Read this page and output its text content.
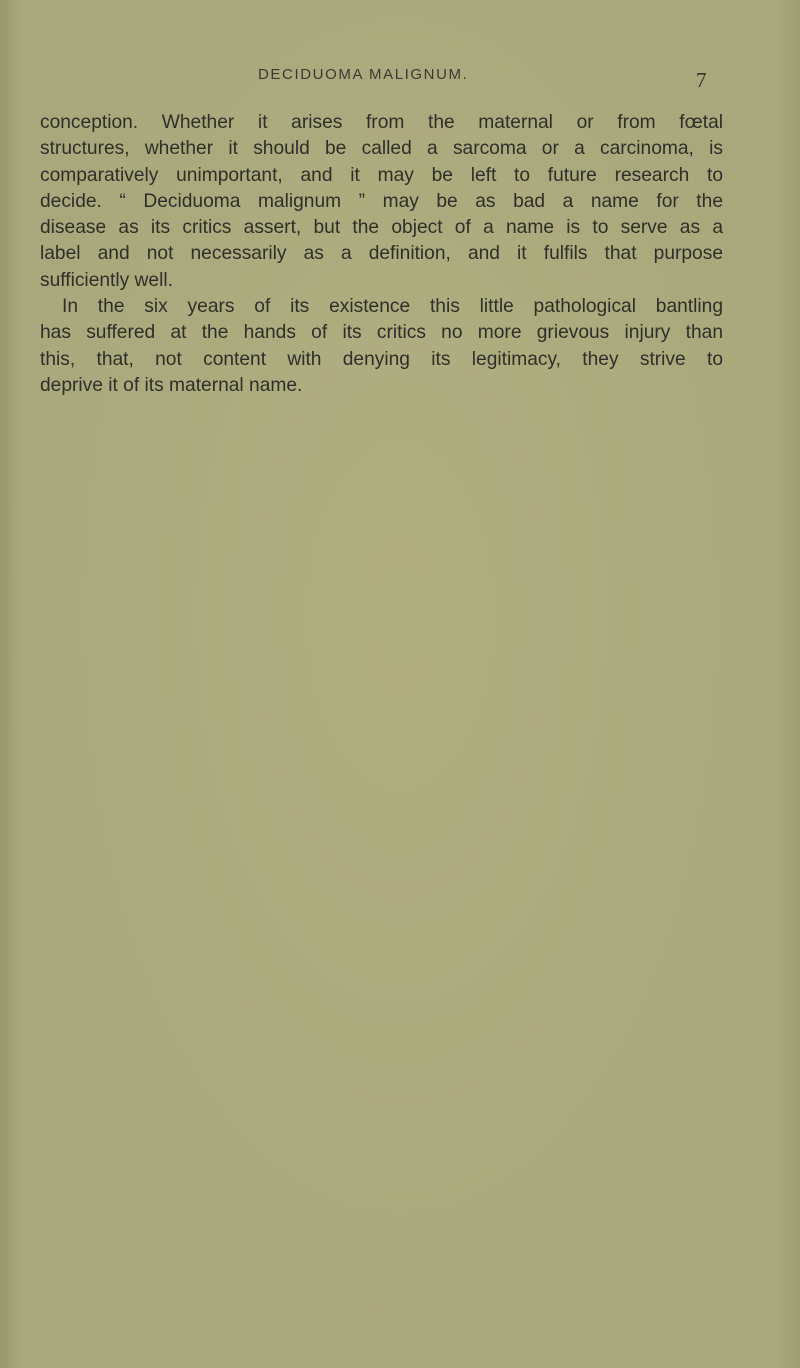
DECIDUOMA MALIGNUM.	7
conception. Whether it arises from the maternal or from fœtal
structures, whether it should be called a sarcoma or a carcinoma, is
comparatively unimportant, and it may be left to future research to
decide. “ Deciduoma malignum ” may be as bad a name for the
disease as its critics assert, but the object of a name is to serve as a
label and not necessarily as a definition, and it fulfils that purpose
sufficiently well.
In the six years of its existence this little pathological bantling
has suffered at the hands of its critics no more grievous injury than
this, that, not content with denying its legitimacy, they strive to
deprive it of its maternal name.
